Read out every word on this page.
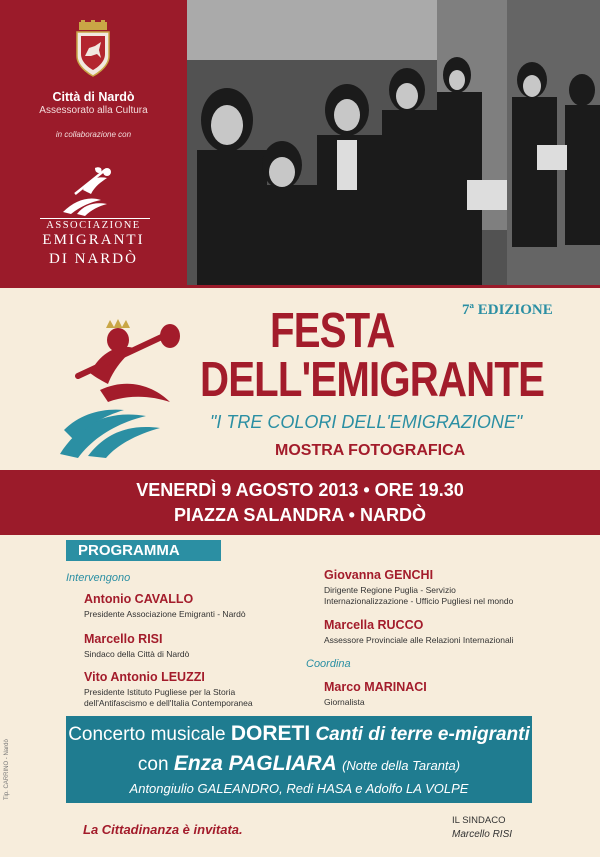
Città di Nardò
Assessorato alla Cultura
in collaborazione con
ASSOCIAZIONE
EMIGRANTI
DI NARDÒ
7ª EDIZIONE
FESTA
DELL'EMIGRANTE
"I TRE COLORI DELL'EMIGRAZIONE"
MOSTRA FOTOGRAFICA
VENERDÌ 9 AGOSTO 2013 • ORE 19.30
PIAZZA SALANDRA • NARDÒ
PROGRAMMA
Intervengono
Antonio CAVALLO
Presidente Associazione Emigranti - Nardò
Marcello RISI
Sindaco della Città di Nardò
Vito Antonio LEUZZI
Presidente Istituto Pugliese per la Storia dell'Antifascismo e dell'Italia Contemporanea
Giovanna GENCHI
Dirigente Regione Puglia - Servizio Internazionalizzazione - Ufficio Pugliesi nel mondo
Marcella RUCCO
Assessore Provinciale alle Relazioni Internazionali
Coordina
Marco MARINACI
Giornalista
Concerto musicale DORETI Canti di terre e-migranti
con Enza PAGLIARA (Notte della Taranta)
Antongiulio GALEANDRO, Redi HASA e Adolfo LA VOLPE
La Cittadinanza è invitata.
IL SINDACO
Marcello RISI
Tip. CARRINO - Nardò
